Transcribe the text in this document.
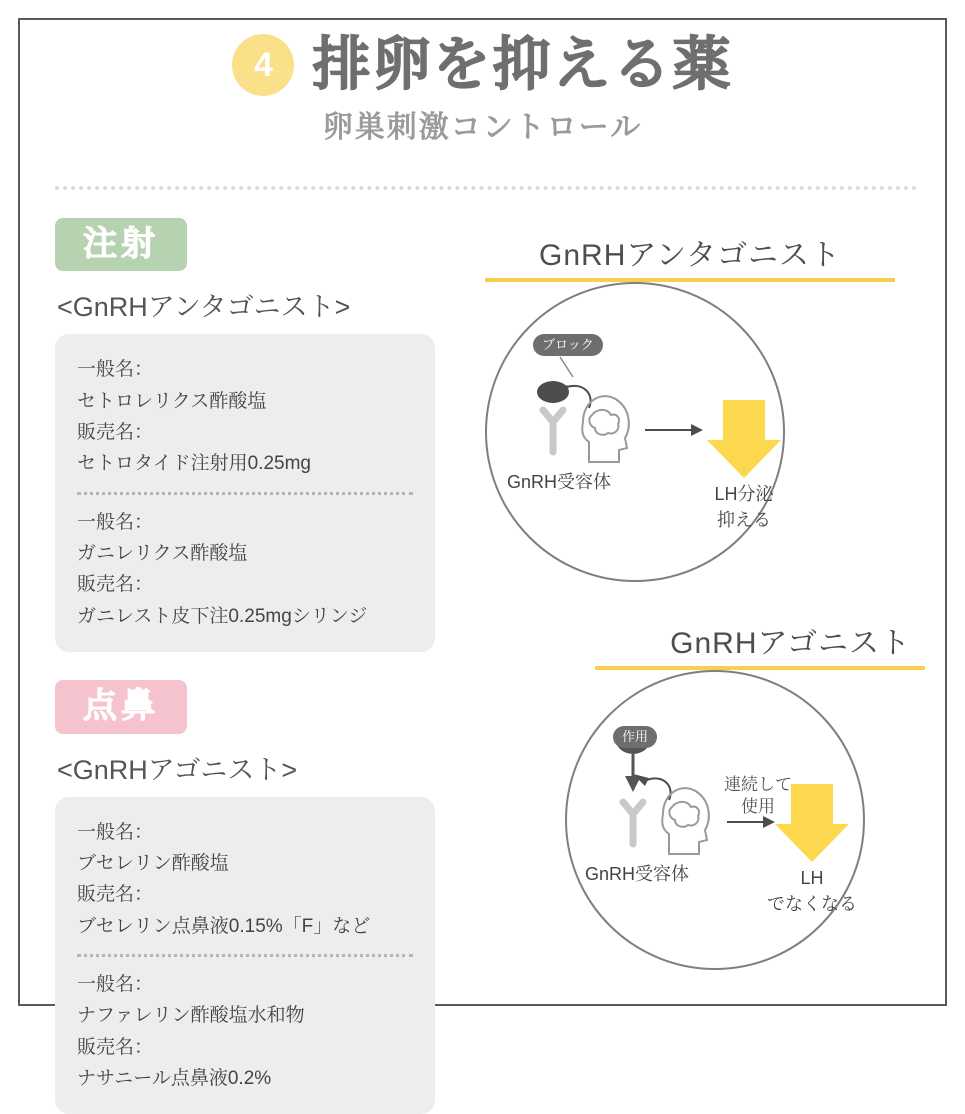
4 排卵を抑える薬
卵巣刺激コントロール
注射
<GnRHアンタゴニスト>
一般名：
セトロレリクス酢酸塩
販売名：
セトロタイド注射用0.25mg
一般名：
ガニレリクス酢酸塩
販売名：
ガニレスト皮下注0.25mgシリンジ
点鼻
<GnRHアゴニスト>
一般名：
ブセレリン酢酸塩
販売名：
ブセレリン点鼻液0.15%「F」など
一般名：
ナファレリン酢酸塩水和物
販売名：
ナサニール点鼻液0.2%
GnRHアンタゴニスト
ブロック
GnRH受容体
LH分泌
抑える
GnRHアゴニスト
作用
GnRH受容体
連続して
使用
LH
でなくなる
